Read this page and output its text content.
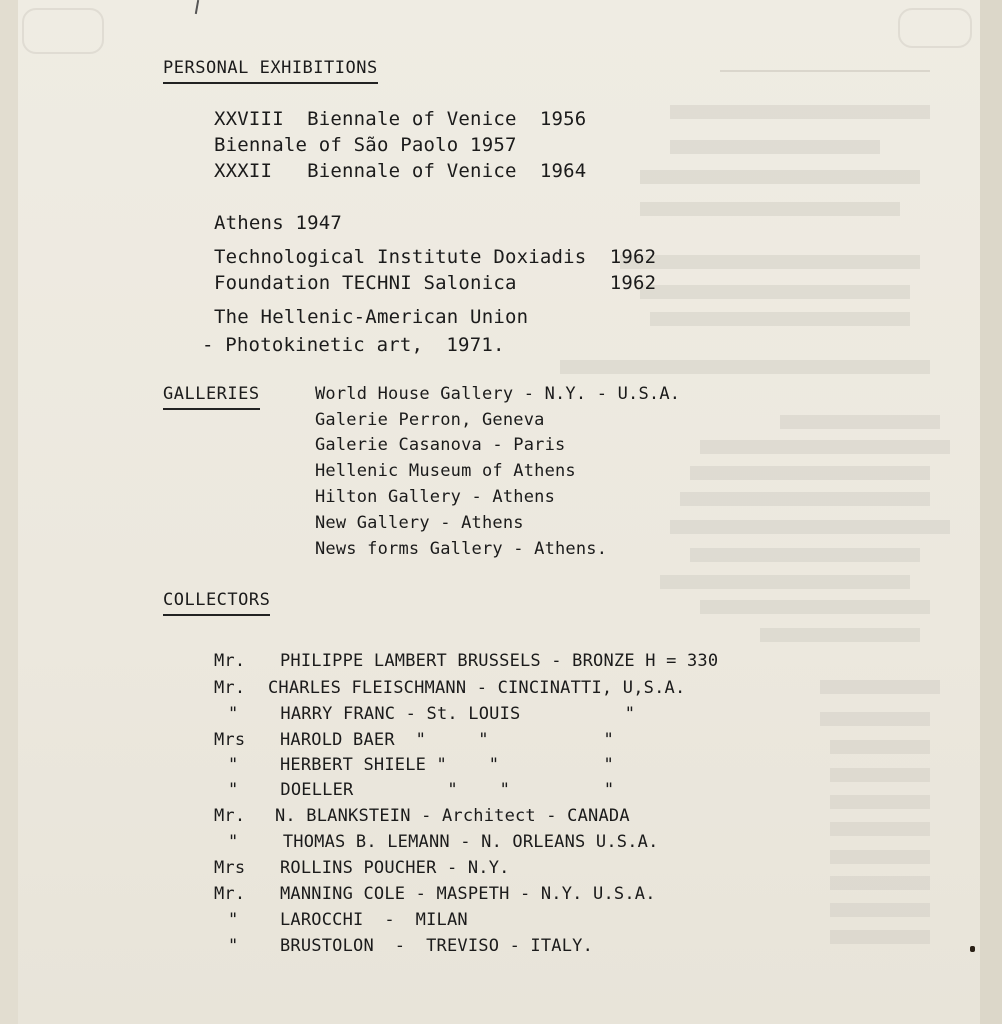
PERSONAL EXHIBITIONS
XXVIII  Biennale of Venice  1956
Biennale of São Paolo 1957
XXXII   Biennale of Venice  1964
Athens 1947
Technological Institute Doxiadis  1962
Foundation TECHNI Salonica        1962
The Hellenic-American Union
- Photokinetic art,  1971.
GALLERIES	World House Gallery - N.Y. - U.S.A.
Galerie Perron, Geneva
Galerie Casanova - Paris
Hellenic Museum of Athens
Hilton Gallery - Athens
New Gallery - Athens
News forms Gallery - Athens.
COLLECTORS
Mr. PHILIPPE LAMBERT BRUSSELS - BRONZE H = 330
Mr. CHARLES FLEISCHMANN - CINCINATTI, U,S.A.
" HARRY FRANC - St. LOUIS          "
Mrs HAROLD BAER  "     "           "
" HERBERT SHIELE "    "          "
" DOELLER         "    "         "
Mr. N. BLANKSTEIN - Architect - CANADA
" THOMAS B. LEMANN - N. ORLEANS U.S.A.
Mrs ROLLINS POUCHER - N.Y.
Mr. MANNING COLE - MASPETH - N.Y. U.S.A.
" LAROCCHI  -  MILAN
" BRUSTOLON  -  TREVISO - ITALY.
